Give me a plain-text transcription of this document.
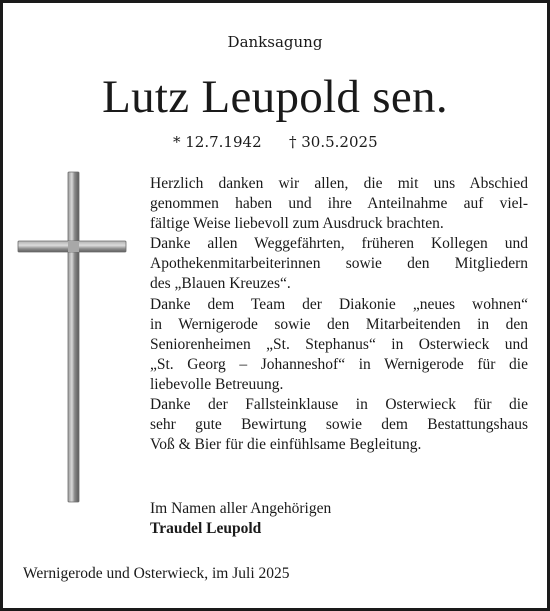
Danksagung
Lutz Leupold sen.
* 12.7.1942 † 30.5.2025
Herzlich danken wir allen, die mit uns Abschied
genommen haben und ihre Anteilnahme auf viel-
fältige Weise liebevoll zum Ausdruck brachten.
Danke allen Weggefährten, früheren Kollegen und
Apothekenmitarbeiterinnen sowie den Mitgliedern
des „Blauen Kreuzes“.
Danke dem Team der Diakonie „neues wohnen“
in Wernigerode sowie den Mitarbeitenden in den
Seniorenheimen „St. Stephanus“ in Osterwieck und
„St. Georg – Johanneshof“ in Wernigerode für die
liebevolle Betreuung.
Danke der Fallsteinklause in Osterwieck für die
sehr gute Bewirtung sowie dem Bestattungshaus
Voß & Bier für die einfühlsame Begleitung.
Im Namen aller Angehörigen
Traudel Leupold
Wernigerode und Osterwieck, im Juli 2025
